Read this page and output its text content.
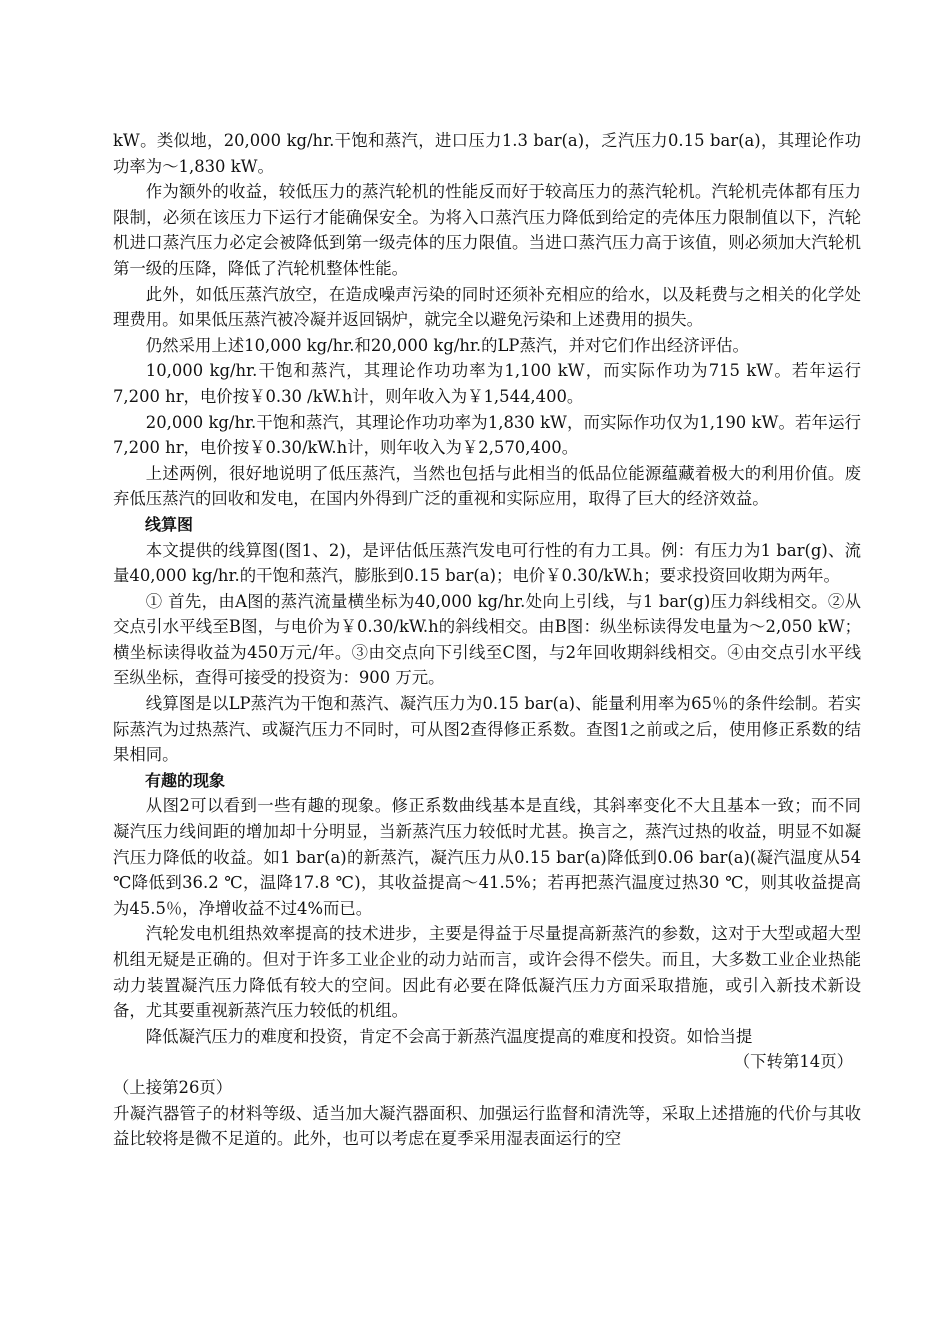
kW。类似地，20,000 kg/hr.干饱和蒸汽，进口压力1.3 bar(a)，乏汽压力0.15 bar(a)，其理论作功功率为～1,830 kW。

作为额外的收益，较低压力的蒸汽轮机的性能反而好于较高压力的蒸汽轮机。汽轮机壳体都有压力限制，必须在该压力下运行才能确保安全。为将入口蒸汽压力降低到给定的壳体压力限制值以下，汽轮机进口蒸汽压力必定会被降低到第一级壳体的压力限值。当进口蒸汽压力高于该值，则必须加大汽轮机第一级的压降，降低了汽轮机整体性能。

此外，如低压蒸汽放空，在造成噪声污染的同时还须补充相应的给水，以及耗费与之相关的化学处理费用。如果低压蒸汽被冷凝并返回锅炉，就完全以避免污染和上述费用的损失。

仍然采用上述10,000 kg/hr.和20,000 kg/hr.的LP蒸汽，并对它们作出经济评估。

10,000 kg/hr.干饱和蒸汽，其理论作功功率为1,100 kW，而实际作功为715 kW。若年运行7,200 hr，电价按￥0.30 /kW.h计，则年收入为￥1,544,400。

20,000 kg/hr.干饱和蒸汽，其理论作功功率为1,830 kW，而实际作功仅为1,190 kW。若年运行7,200 hr，电价按￥0.30/kW.h计，则年收入为￥2,570,400。

上述两例，很好地说明了低压蒸汽，当然也包括与此相当的低品位能源蕴藏着极大的利用价值。废弃低压蒸汽的回收和发电，在国内外得到广泛的重视和实际应用，取得了巨大的经济效益。

线算图

本文提供的线算图(图1、2)，是评估低压蒸汽发电可行性的有力工具。例：有压力为1 bar(g)、流量40,000 kg/hr.的干饱和蒸汽，膨胀到0.15 bar(a)；电价￥0.30/kW.h；要求投资回收期为两年。

① 首先，由A图的蒸汽流量横坐标为40,000 kg/hr.处向上引线，与1 bar(g)压力斜线相交。②从交点引水平线至B图，与电价为￥0.30/kW.h的斜线相交。由B图：纵坐标读得发电量为～2,050 kW；横坐标读得收益为450万元/年。③由交点向下引线至C图，与2年回收期斜线相交。④由交点引水平线至纵坐标，查得可接受的投资为：900 万元。

线算图是以LP蒸汽为干饱和蒸汽、凝汽压力为0.15 bar(a)、能量利用率为65％的条件绘制。若实际蒸汽为过热蒸汽、或凝汽压力不同时，可从图2查得修正系数。查图1之前或之后，使用修正系数的结果相同。

有趣的现象

从图2可以看到一些有趣的现象。修正系数曲线基本是直线，其斜率变化不大且基本一致；而不同凝汽压力线间距的增加却十分明显，当新蒸汽压力较低时尤甚。换言之，蒸汽过热的收益，明显不如凝汽压力降低的收益。如1 bar(a)的新蒸汽，凝汽压力从0.15 bar(a)降低到0.06 bar(a)(凝汽温度从54 ℃降低到36.2 ℃，温降17.8 ℃)，其收益提高～41.5%；若再把蒸汽温度过热30 ℃，则其收益提高为45.5％，净增收益不过4%而已。

汽轮发电机组热效率提高的技术进步，主要是得益于尽量提高新蒸汽的参数，这对于大型或超大型机组无疑是正确的。但对于许多工业企业的动力站而言，或许会得不偿失。而且，大多数工业企业热能动力装置凝汽压力降低有较大的空间。因此有必要在降低凝汽压力方面采取措施，或引入新技术新设备，尤其要重视新蒸汽压力较低的机组。

降低凝汽压力的难度和投资，肯定不会高于新蒸汽温度提高的难度和投资。如恰当提

（下转第14页）

（上接第26页）

升凝汽器管子的材料等级、适当加大凝汽器面积、加强运行监督和清洗等，采取上述措施的代价与其收益比较将是微不足道的。此外，也可以考虑在夏季采用湿表面运行的空
